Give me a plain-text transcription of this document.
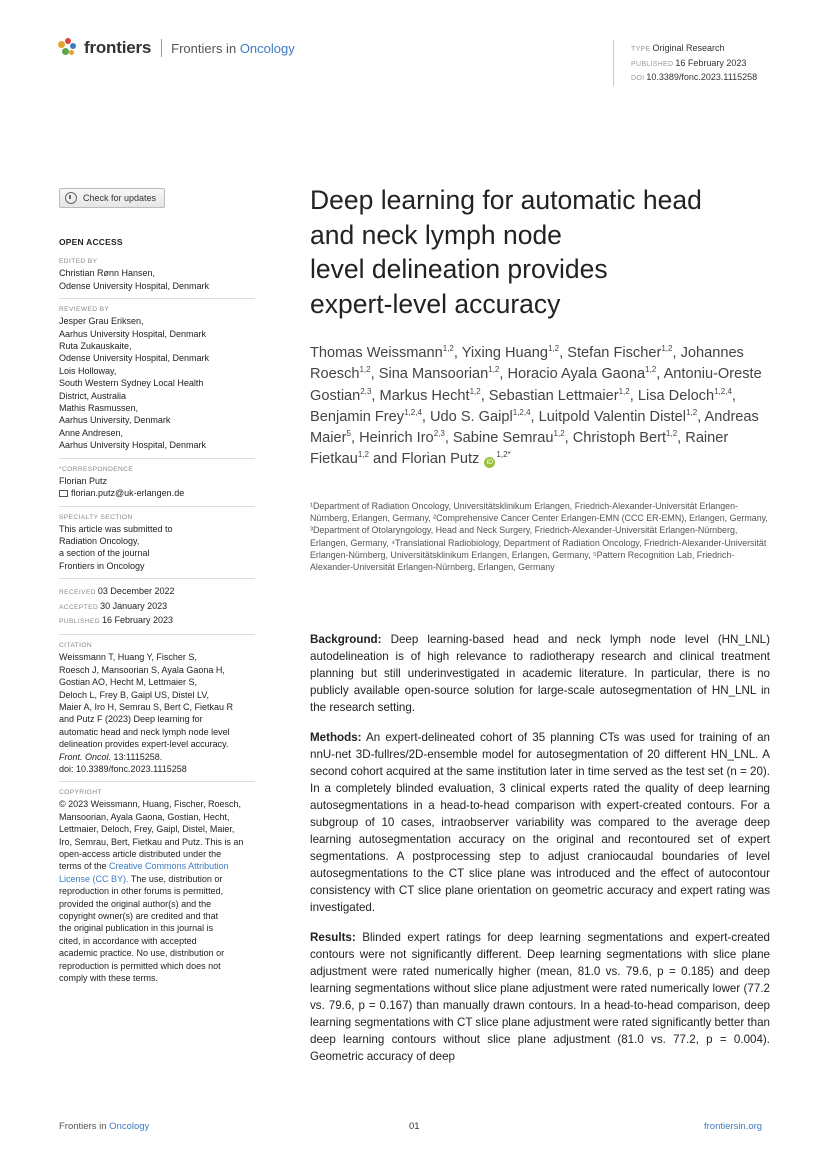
frontiers Frontiers in Oncology	TYPE Original Research
PUBLISHED 16 February 2023
DOI 10.3389/fonc.2023.1115258
Check for updates
OPEN ACCESS
EDITED BY
Christian Rønn Hansen,
Odense University Hospital, Denmark
REVIEWED BY
Jesper Grau Eriksen,
Aarhus University Hospital, Denmark
Ruta Zukauskaite,
Odense University Hospital, Denmark
Lois Holloway,
South Western Sydney Local Health
District, Australia
Mathis Rasmussen,
Aarhus University, Denmark
Anne Andresen,
Aarhus University Hospital, Denmark
*CORRESPONDENCE
Florian Putz
florian.putz@uk-erlangen.de
SPECIALTY SECTION
This article was submitted to
Radiation Oncology,
a section of the journal
Frontiers in Oncology
RECEIVED 03 December 2022
ACCEPTED 30 January 2023
PUBLISHED 16 February 2023
CITATION
Weissmann T, Huang Y, Fischer S,
Roesch J, Mansoorian S, Ayala Gaona H,
Gostian AO, Hecht M, Lettmaier S,
Deloch L, Frey B, Gaipl US, Distel LV,
Maier A, Iro H, Semrau S, Bert C, Fietkau R
and Putz F (2023) Deep learning for
automatic head and neck lymph node level
delineation provides expert-level accuracy.
Front. Oncol. 13:1115258.
doi: 10.3389/fonc.2023.1115258
COPYRIGHT
© 2023 Weissmann, Huang, Fischer, Roesch,
Mansoorian, Ayala Gaona, Gostian, Hecht,
Lettmaier, Deloch, Frey, Gaipl, Distel, Maier,
Iro, Semrau, Bert, Fietkau and Putz. This is an
open-access article distributed under the
terms of the Creative Commons Attribution
License (CC BY). The use, distribution or
reproduction in other forums is permitted,
provided the original author(s) and the
copyright owner(s) are credited and that
the original publication in this journal is
cited, in accordance with accepted
academic practice. No use, distribution or
reproduction is permitted which does not
comply with these terms.
Deep learning for automatic head
and neck lymph node
level delineation provides
expert-level accuracy
Thomas Weissmann$^{1,2}$, Yixing Huang$^{1,2}$, Stefan Fischer$^{1,2}$, Johannes Roesch$^{1,2}$, Sina Mansoorian$^{1,2}$, Horacio Ayala Gaona$^{1,2}$, Antoniu-Oreste Gostian$^{2,3}$, Markus Hecht$^{1,2}$, Sebastian Lettmaier$^{1,2}$, Lisa Deloch$^{1,2,4}$, Benjamin Frey$^{1,2,4}$, Udo S. Gaipl$^{1,2,4}$, Luitpold Valentin Distel$^{1,2}$, Andreas Maier$^5$, Heinrich Iro$^{2,3}$, Sabine Semrau$^{1,2}$, Christoph Bert$^{1,2}$, Rainer Fietkau$^{1,2}$ and Florian Putz $iD^{1,2*}$
¹Department of Radiation Oncology, Universitätsklinikum Erlangen, Friedrich-Alexander-Universität Erlangen-Nürnberg, Erlangen, Germany, ²Comprehensive Cancer Center Erlangen-EMN (CCC ER-EMN), Erlangen, Germany, ³Department of Otolaryngology, Head and Neck Surgery, Friedrich-Alexander-Universität Erlangen-Nürnberg, Erlangen, Germany, ⁴Translational Radiobiology, Department of Radiation Oncology, Friedrich-Alexander-Universität Erlangen-Nürnberg, Universitätsklinikum Erlangen, Erlangen, Germany, ⁵Pattern Recognition Lab, Friedrich-Alexander-Universität Erlangen-Nürnberg, Erlangen, Germany

Background: Deep learning-based head and neck lymph node level (HN_LNL) autodelineation is of high relevance to radiotherapy research and clinical treatment planning but still underinvestigated in academic literature. In particular, there is no publicly available open-source solution for large-scale autosegmentation of HN_LNL in the research setting.

Methods: An expert-delineated cohort of 35 planning CTs was used for training of an nnU-net 3D-fullres/2D-ensemble model for autosegmentation of 20 different HN_LNL. A second cohort acquired at the same institution later in time served as the test set (n = 20). In a completely blinded evaluation, 3 clinical experts rated the quality of deep learning autosegmentations in a head-to-head comparison with expert-created contours. For a subgroup of 10 cases, intraobserver variability was compared to the average deep learning autosegmentation accuracy on the original and recontoured set of expert segmentations. A postprocessing step to adjust craniocaudal boundaries of level autosegmentations to the CT slice plane was introduced and the effect of autocontour consistency with CT slice plane orientation on geometric accuracy and expert rating was investigated.

Results: Blinded expert ratings for deep learning segmentations and expert-created contours were not significantly different. Deep learning segmentations with slice plane adjustment were rated numerically higher (mean, 81.0 vs. 79.6, p = 0.185) and deep learning segmentations without slice plane adjustment were rated numerically lower (77.2 vs. 79.6, p = 0.167) than manually drawn contours. In a head-to-head comparison, deep learning segmentations with CT slice plane adjustment were rated significantly better than deep learning contours without slice plane adjustment (81.0 vs. 77.2, p = 0.004). Geometric accuracy of deep

Frontiers in Oncology	01	frontiersin.org
